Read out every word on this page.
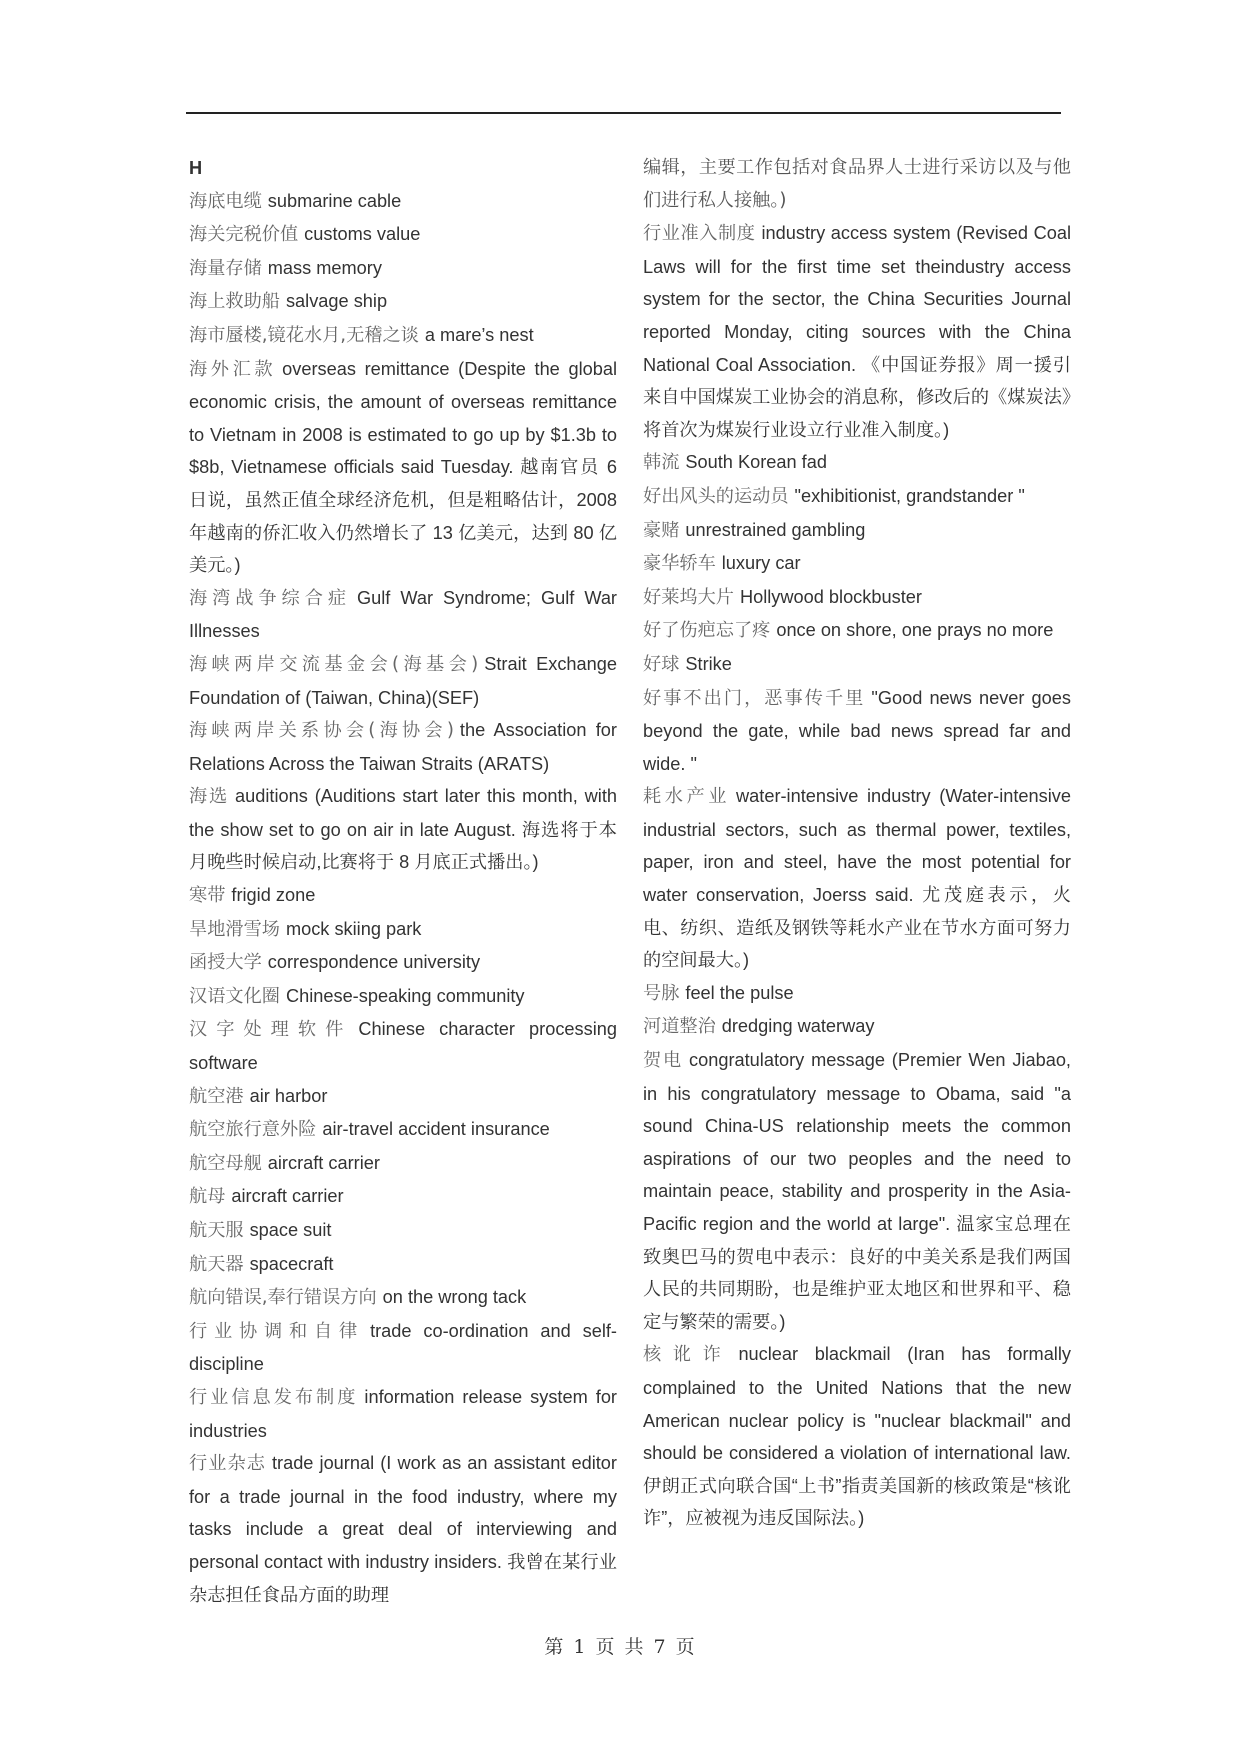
H
海底电缆 submarine cable
海关完税价值 customs value
海量存储 mass memory
海上救助船 salvage ship
海市蜃楼,镜花水月,无稽之谈 a mare’s nest
海外汇款 overseas remittance (Despite the global economic crisis, the amount of overseas remittance to Vietnam in 2008 is estimated to go up by $1.3b to $8b, Vietnamese officials said Tuesday. 越南官员 6 日说，虽然正值全球经济危机，但是粗略估计，2008 年越南的侨汇收入仍然增长了 13 亿美元，达到 80 亿美元。)
海湾战争综合症 Gulf War Syndrome; Gulf War Illnesses
海峡两岸交流基金会(海基会) Strait Exchange Foundation of (Taiwan, China)(SEF)
海峡两岸关系协会(海协会) the Association for Relations Across the Taiwan Straits (ARATS)
海选 auditions (Auditions start later this month, with the show set to go on air in late August. 海选将于本月晚些时候启动,比赛将于 8 月底正式播出。)
寒带 frigid zone
旱地滑雪场 mock skiing park
函授大学 correspondence university
汉语文化圈 Chinese-speaking community
汉字处理软件 Chinese character processing software
航空港 air harbor
航空旅行意外险 air-travel accident insurance
航空母舰 aircraft carrier
航母 aircraft carrier
航天服 space suit
航天器 spacecraft
航向错误,奉行错误方向 on the wrong tack
行业协调和自律 trade co-ordination and self-discipline
行业信息发布制度 information release system for industries
行业杂志 trade journal (I work as an assistant editor for a trade journal in the food industry, where my tasks include a great deal of interviewing and personal contact with industry insiders. 我曾在某行业杂志担任食品方面的助理
编辑，主要工作包括对食品界人士进行采访以及与他们进行私人接触。)
行业准入制度 industry access system (Revised Coal Laws will for the first time set theindustry access system for the sector, the China Securities Journal reported Monday, citing sources with the China National Coal Association. 《中国证券报》周一援引来自中国煤炭工业协会的消息称，修改后的《煤炭法》将首次为煤炭行业设立行业准入制度。)
韩流 South Korean fad
好出风头的运动员 "exhibitionist, grandstander "
豪赌 unrestrained gambling
豪华轿车 luxury car
好莱坞大片 Hollywood blockbuster
好了伤疤忘了疼 once on shore, one prays no more
好球 Strike
好事不出门，恶事传千里 "Good news never goes beyond the gate, while bad news spread far and wide. "
耗水产业 water-intensive industry (Water-intensive industrial sectors, such as thermal power, textiles, paper, iron and steel, have the most potential for water conservation, Joerss said. 尤茂庭表示，火电、纺织、造纸及钢铁等耗水产业在节水方面可努力的空间最大。)
号脉 feel the pulse
河道整治 dredging waterway
贺电 congratulatory message (Premier Wen Jiabao, in his congratulatory message to Obama, said "a sound China-US relationship meets the common aspirations of our two peoples and the need to maintain peace, stability and prosperity in the Asia-Pacific region and the world at large". 温家宝总理在致奥巴马的贺电中表示：良好的中美关系是我们两国人民的共同期盼，也是维护亚太地区和世界和平、稳定与繁荣的需要。)
核讹诈 nuclear blackmail (Iran has formally complained to the United Nations that the new American nuclear policy is "nuclear blackmail" and should be considered a violation of international law. 伊朗正式向联合国“上书”指责美国新的核政策是“核讹诈”，应被视为违反国际法。)
第 1 页 共 7 页
